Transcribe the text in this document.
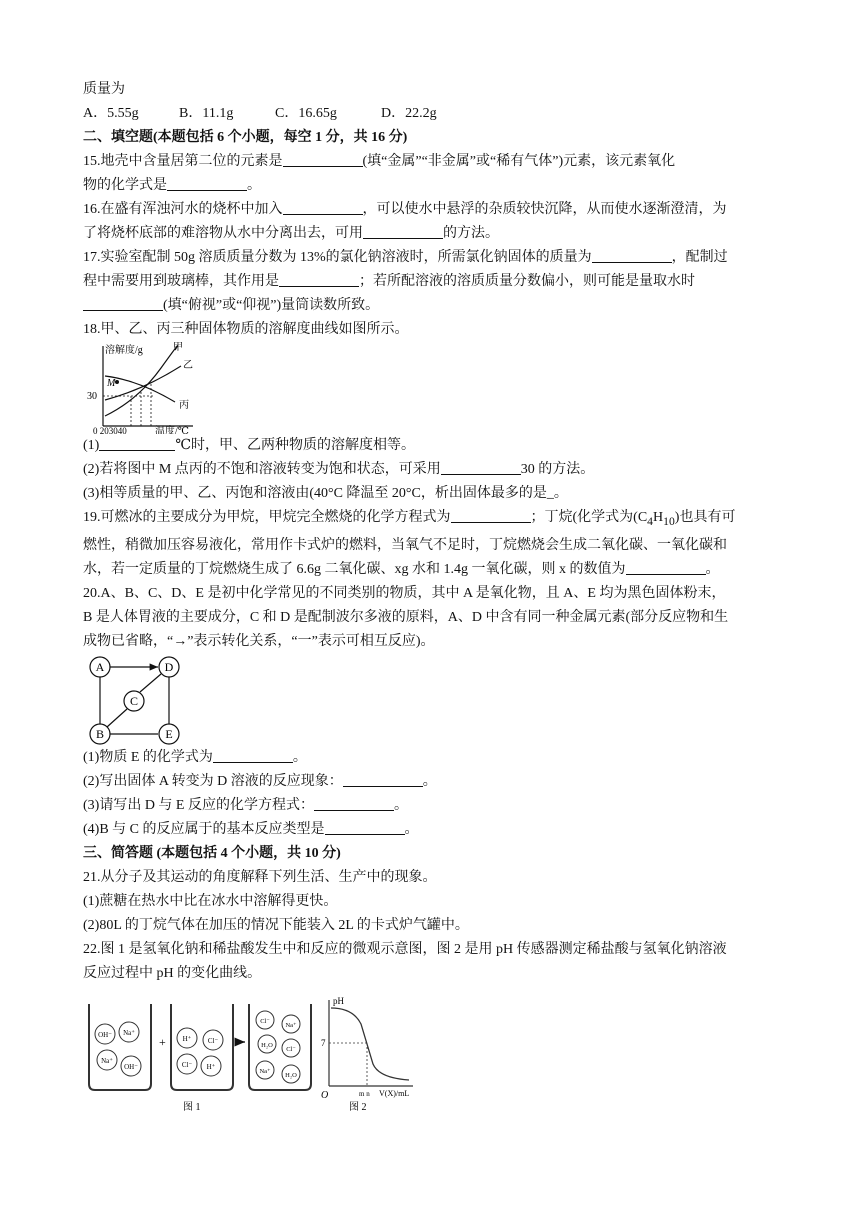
质量为
A．5.55g	B．11.1g	C．16.65g	D．22.2g
二、填空题(本题包括 6 个小题，每空 1 分，共 16 分)
15.地壳中含量居第二位的元素是	(填“金属”“非金属”或“稀有气体”)元素，该元素氧化
物的化学式是	。
16.在盛有浑浊河水的烧杯中加入	，可以使水中悬浮的杂质较快沉降，从而使水逐渐澄清，为
了将烧杯底部的难溶物从水中分离出去，可用	的方法。
17.实验室配制 50g 溶质质量分数为 13%的氯化钠溶液时，所需氯化钠固体的质量为	，配制过
程中需要用到玻璃棒，其作用是	；若所配溶液的溶质质量分数偏小，则可能是量取水时
(填“俯视”或“仰视”)量筒读数所致。
18.甲、乙、丙三种固体物质的溶解度曲线如图所示。
溶解度/g
30
0 203040	温度/℃
M
甲
乙
丙
(1)	℃时，甲、乙两种物质的溶解度相等。
(2)若将图中 M 点丙的不饱和溶液转变为饱和状态，可采用	30 的方法。
(3)相等质量的甲、乙、丙饱和溶液由(40°C 降温至 20°C，析出固体最多的是_。
19.可燃冰的主要成分为甲烷，甲烷完全燃烧的化学方程式为	；丁烷(化学式为$(C_4H_{10})$也具有可
燃性，稍微加压容易液化，常用作卡式炉的燃料，当氧气不足时，丁烷燃烧会生成二氧化碳、一氧化碳和
水，若一定质量的丁烷燃烧生成了 6.6g 二氧化碳、xg 水和 1.4g 一氧化碳，则 x 的数值为	。
20.A、B、C、D、E 是初中化学常见的不同类别的物质，其中 A 是氧化物，且 A、E 均为黑色固体粉末，
B 是人体胃液的主要成分，C 和 D 是配制波尔多液的原料，A、D 中含有同一种金属元素(部分反应物和生
成物已省略，“→”表示转化关系，“一”表示可相互反应)。
A	D
C
B	E
(1)物质 E 的化学式为	。
(2)写出固体 A 转变为 D 溶液的反应现象：	。
(3)请写出 D 与 E 反应的化学方程式：	。
(4)B 与 C 的反应属于的基本反应类型是	。
三、简答题 (本题包括 4 个小题，共 10 分)
21.从分子及其运动的角度解释下列生活、生产中的现象。
(1)蔗糖在热水中比在冰水中溶解得更快。
(2)80L 的丁烷气体在加压的情况下能装入 2L 的卡式炉气罐中。
22.图 1 是氢氧化钠和稀盐酸发生中和反应的微观示意图，图 2 是用 pH 传感器测定稀盐酸与氢氧化钠溶液
反应过程中 pH 的变化曲线。
OH⁻ Na⁺
Na⁺
OH⁻
+ H⁺ Cl⁻
Cl⁻ H⁺
Cl⁻
Na⁺
H₂O
Cl⁻
Na⁺
H₂O
pH
7
O	m n V(X)/mL
图 1	图 2
